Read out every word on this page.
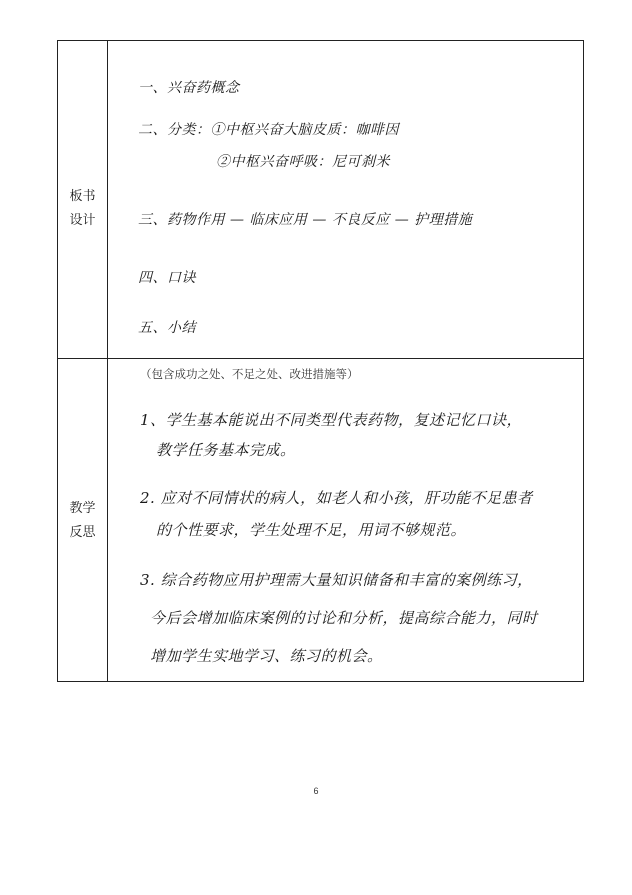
板书
设计
一、兴奋药概念
二、分类：①中枢兴奋大脑皮质：咖啡因
②中枢兴奋呼吸：尼可刹米
三、药物作用 — 临床应用 — 不良反应 — 护理措施
四、口诀
五、小结
教学
反思
（包含成功之处、不足之处、改进措施等）
1、学生基本能说出不同类型代表药物，复述记忆口诀，
教学任务基本完成。
2. 应对不同情状的病人，如老人和小孩，肝功能不足患者
的个性要求，学生处理不足，用词不够规范。
3. 综合药物应用护理需大量知识储备和丰富的案例练习，
今后会增加临床案例的讨论和分析，提高综合能力，同时
增加学生实地学习、练习的机会。
6
